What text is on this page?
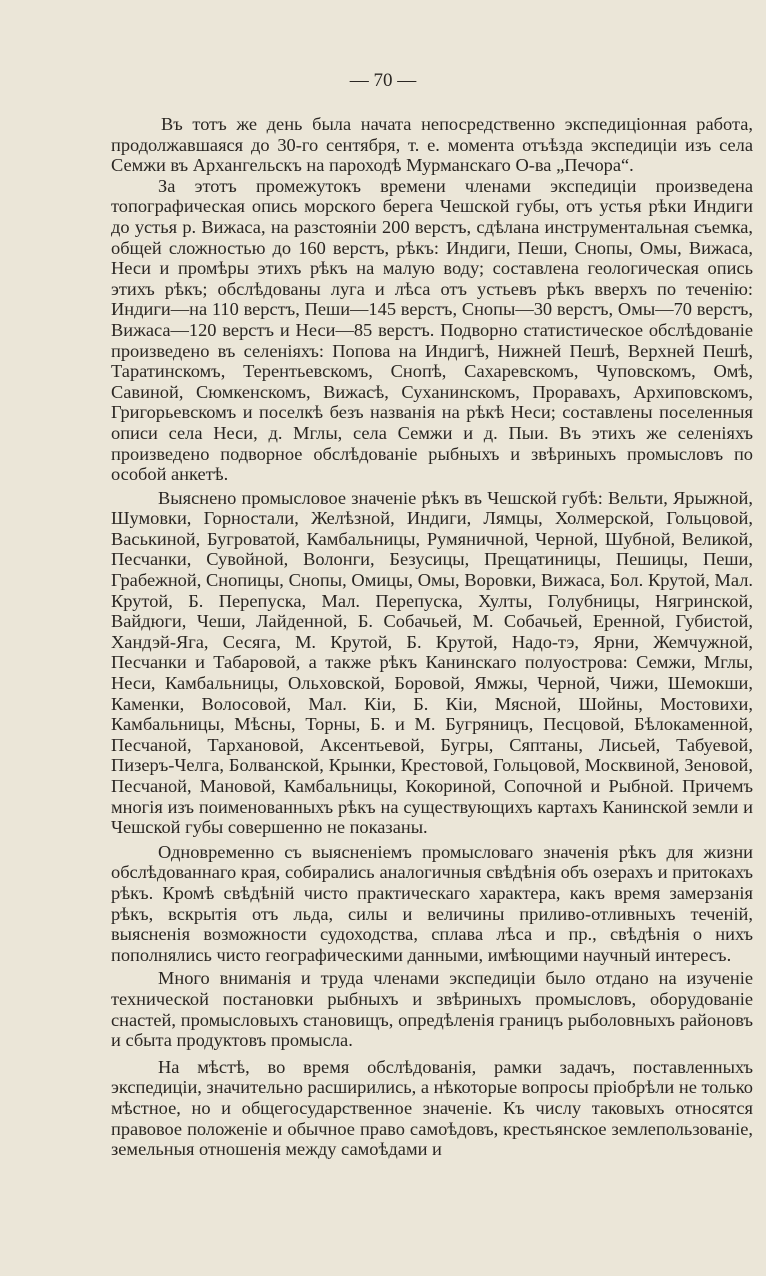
— 70 —

Въ тотъ же день была начата непосредственно экспедиціонная работа, продолжавшаяся до 30-го сентября, т. е. момента отъѣзда экспедиціи изъ села Семжи въ Архангельскъ на пароходѣ Мурманскаго О-ва „Печора“.

За этотъ промежутокъ времени членами экспедиціи произведена топографическая опись морского берега Чешской губы, отъ устья рѣки Индиги до устья р. Вижаса, на разстояніи 200 верстъ, сдѣлана инструментальная съемка, общей сложностью до 160 верстъ, рѣкъ: Индиги, Пеши, Снопы, Омы, Вижаса, Неси и промѣры этихъ рѣкъ на малую воду; составлена геологическая опись этихъ рѣкъ; обслѣдованы луга и лѣса отъ устьевъ рѣкъ вверхъ по теченію: Индиги—на 110 верстъ, Пеши—145 верстъ, Снопы—30 верстъ, Омы—70 верстъ, Вижаса—120 верстъ и Неси—85 верстъ. Подворно статистическое обслѣдованіе произведено въ селеніяхъ: Попова на Индигѣ, Нижней Пешѣ, Верхней Пешѣ, Таратинскомъ, Терентьевскомъ, Снопѣ, Сахаревскомъ, Чуповскомъ, Омѣ, Савиной, Сюмкенскомъ, Вижасѣ, Суханинскомъ, Проравахъ, Архиповскомъ, Григорьевскомъ и поселкѣ безъ названія на рѣкѣ Неси; составлены поселенныя описи села Неси, д. Мглы, села Семжи и д. Пыи. Въ этихъ же селеніяхъ произведено подворное обслѣдованіе рыбныхъ и звѣриныхъ промысловъ по особой анкетѣ.

Выяснено промысловое значеніе рѣкъ въ Чешской губѣ: Вельти, Ярыжной, Шумовки, Горностали, Желѣзной, Индиги, Лямцы, Холмерской, Гольцовой, Васькиной, Бугроватой, Камбальницы, Румяничной, Черной, Шубной, Великой, Песчанки, Сувойной, Волонги, Безусицы, Прещатиницы, Пешицы, Пеши, Грабежной, Снопицы, Снопы, Омицы, Омы, Воровки, Вижаса, Бол. Крутой, Мал. Крутой, Б. Перепуска, Мал. Перепуска, Хулты, Голубницы, Нягринской, Вайдюги, Чеши, Лайденной, Б. Собачьей, М. Собачьей, Еренной, Губистой, Хандэй-Яга, Сесяга, М. Крутой, Б. Крутой, Надо-тэ, Ярни, Жемчужной, Песчанки и Табаровой, а также рѣкъ Канинскаго полуострова: Семжи, Мглы, Неси, Камбальницы, Ольховской, Боровой, Ямжы, Черной, Чижи, Шемокши, Каменки, Волосовой, Мал. Кіи, Б. Кіи, Мясной, Шойны, Мостовихи, Камбальницы, Мѣсны, Торны, Б. и М. Бугряницъ, Песцовой, Бѣлокаменной, Песчаной, Тархановой, Аксентьевой, Бугры, Сяптаны, Лисьей, Табуевой, Пизеръ-Челга, Болванской, Крынки, Крестовой, Гольцовой, Москвиной, Зеновой, Песчаной, Мановой, Камбальницы, Кокориной, Сопочной и Рыбной. Причемъ многія изъ поименованныхъ рѣкъ на существующихъ картахъ Канинской земли и Чешской губы совершенно не показаны.

Одновременно съ выясненіемъ промысловаго значенія рѣкъ для жизни обслѣдованнаго края, собирались аналогичныя свѣдѣнія объ озерахъ и притокахъ рѣкъ. Кромѣ свѣдѣній чисто практическаго характера, какъ время замерзанія рѣкъ, вскрытія отъ льда, силы и величины приливо-отливныхъ теченій, выясненія возможности судоходства, сплава лѣса и пр., свѣдѣнія о нихъ пополнялись чисто географическими данными, имѣющими научный интересъ.

Много вниманія и труда членами экспедиціи было отдано на изученіе технической постановки рыбныхъ и звѣриныхъ промысловъ, оборудованіе снастей, промысловыхъ становищъ, опредѣленія границъ рыболовныхъ районовъ и сбыта продуктовъ промысла.

На мѣстѣ, во время обслѣдованія, рамки задачъ, поставленныхъ экспедиціи, значительно расширились, а нѣкоторые вопросы пріобрѣли не только мѣстное, но и общегосударственное значеніе. Къ числу таковыхъ относятся правовое положеніе и обычное право самоѣдовъ, крестьянское землепользованіе, земельныя отношенія между самоѣдами и
